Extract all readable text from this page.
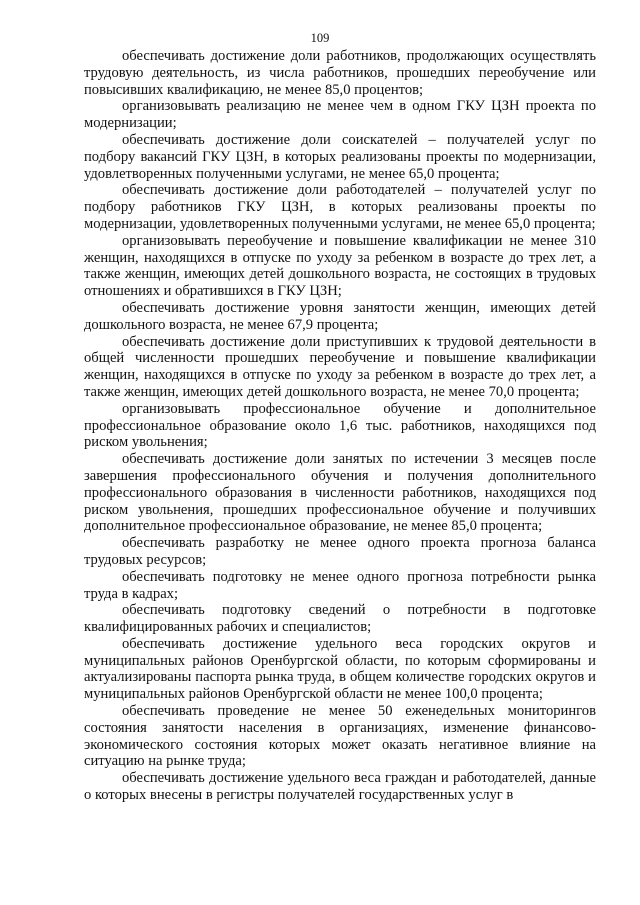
109

обеспечивать достижение доли работников, продолжающих осуществлять трудовую деятельность, из числа работников, прошедших переобучение или повысивших квалификацию, не менее 85,0 процентов;

организовывать реализацию не менее чем в одном ГКУ ЦЗН проекта по модернизации;

обеспечивать достижение доли соискателей – получателей услуг по подбору вакансий ГКУ ЦЗН, в которых реализованы проекты по модернизации, удовлетворенных полученными услугами, не менее 65,0 процента;

обеспечивать достижение доли работодателей – получателей услуг по подбору работников ГКУ ЦЗН, в которых реализованы проекты по модернизации, удовлетворенных полученными услугами, не менее 65,0 процента;

организовывать переобучение и повышение квалификации не менее 310 женщин, находящихся в отпуске по уходу за ребенком в возрасте до трех лет, а также женщин, имеющих детей дошкольного возраста, не состоящих в трудовых отношениях и обратившихся в ГКУ ЦЗН;

обеспечивать достижение уровня занятости женщин, имеющих детей дошкольного возраста, не менее 67,9 процента;

обеспечивать достижение доли приступивших к трудовой деятельности в общей численности прошедших переобучение и повышение квалификации женщин, находящихся в отпуске по уходу за ребенком в возрасте до трех лет, а также женщин, имеющих детей дошкольного возраста, не менее 70,0 процента;

организовывать профессиональное обучение и дополнительное профессиональное образование около 1,6 тыс. работников, находящихся под риском увольнения;

обеспечивать достижение доли занятых по истечении 3 месяцев после завершения профессионального обучения и получения дополнительного профессионального образования в численности работников, находящихся под риском увольнения, прошедших профессиональное обучение и получивших дополнительное профессиональное образование, не менее 85,0 процента;

обеспечивать разработку не менее одного проекта прогноза баланса трудовых ресурсов;

обеспечивать подготовку не менее одного прогноза потребности рынка труда в кадрах;

обеспечивать подготовку сведений о потребности в подготовке квалифицированных рабочих и специалистов;

обеспечивать достижение удельного веса городских округов и муниципальных районов Оренбургской области, по которым сформированы и актуализированы паспорта рынка труда, в общем количестве городских округов и муниципальных районов Оренбургской области не менее 100,0 процента;

обеспечивать проведение не менее 50 еженедельных мониторингов состояния занятости населения в организациях, изменение финансово-экономического состояния которых может оказать негативное влияние на ситуацию на рынке труда;

обеспечивать достижение удельного веса граждан и работодателей, данные о которых внесены в регистры получателей государственных услуг в
